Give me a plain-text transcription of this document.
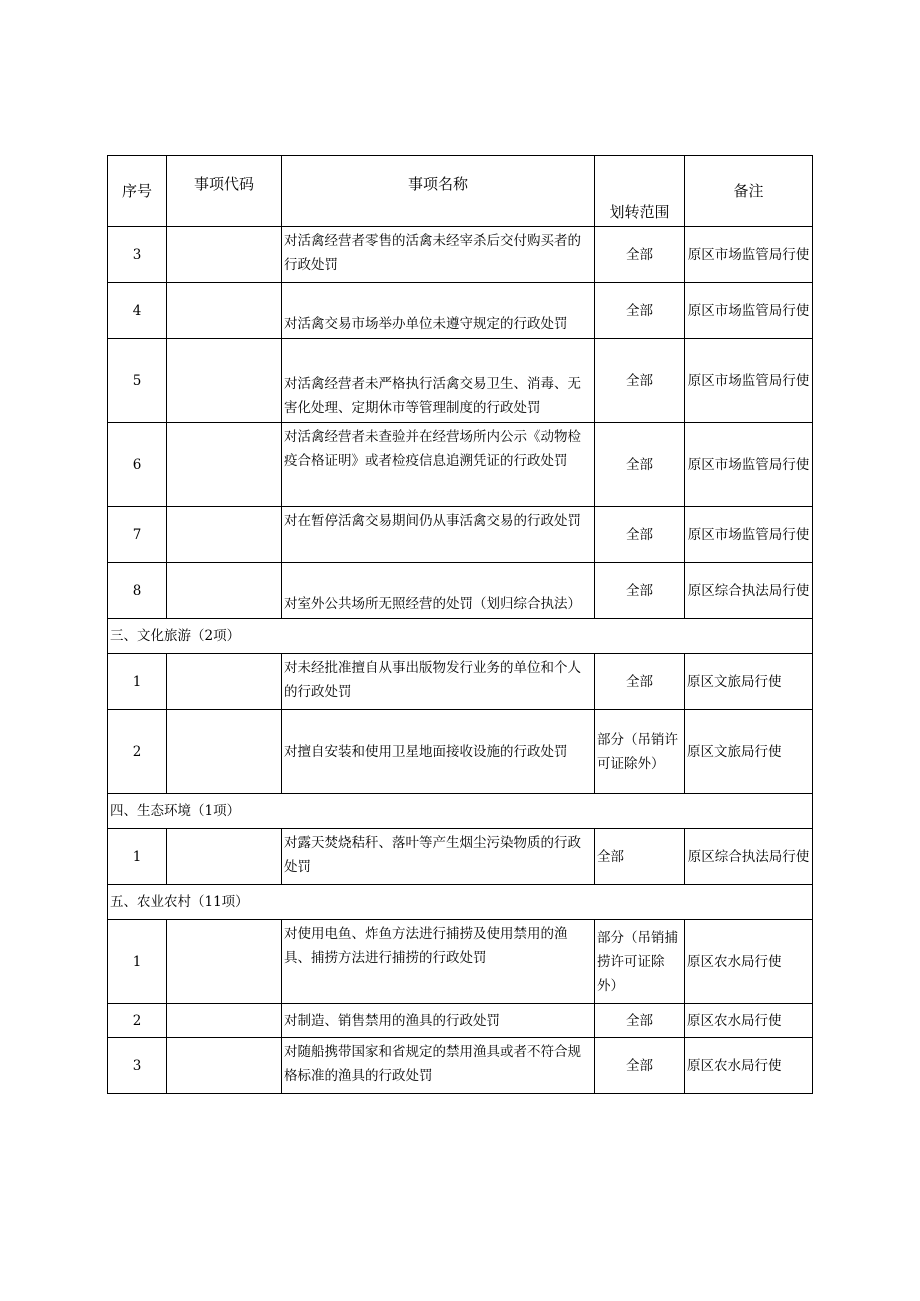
序号	事项代码	事项名称	划转范围	备注
3		对活禽经营者零售的活禽未经宰杀后交付购买者的行政处罚	全部	原区市场监管局行使
4		对活禽交易市场举办单位未遵守规定的行政处罚	全部	原区市场监管局行使
5		对活禽经营者未严格执行活禽交易卫生、消毒、无害化处理、定期休市等管理制度的行政处罚	全部	原区市场监管局行使
6		对活禽经营者未查验并在经营场所内公示《动物检疫合格证明》或者检疫信息追溯凭证的行政处罚	全部	原区市场监管局行使
7		对在暂停活禽交易期间仍从事活禽交易的行政处罚	全部	原区市场监管局行使
8		对室外公共场所无照经营的处罚（划归综合执法）	全部	原区综合执法局行使
三、文化旅游（2项）				
1		对未经批准擅自从事出版物发行业务的单位和个人的行政处罚	全部	原区文旅局行使
2		对擅自安装和使用卫星地面接收设施的行政处罚	部分（吊销许可证除外）	原区文旅局行使
四、生态环境（1项）				
1		对露天焚烧秸秆、落叶等产生烟尘污染物质的行政处罚	全部	原区综合执法局行使
五、农业农村（11项）				
1		对使用电鱼、炸鱼方法进行捕捞及使用禁用的渔具、捕捞方法进行捕捞的行政处罚	部分（吊销捕捞许可证除外）	原区农水局行使
2		对制造、销售禁用的渔具的行政处罚	全部	原区农水局行使
3		对随船携带国家和省规定的禁用渔具或者不符合规格标准的渔具的行政处罚	全部	原区农水局行使
